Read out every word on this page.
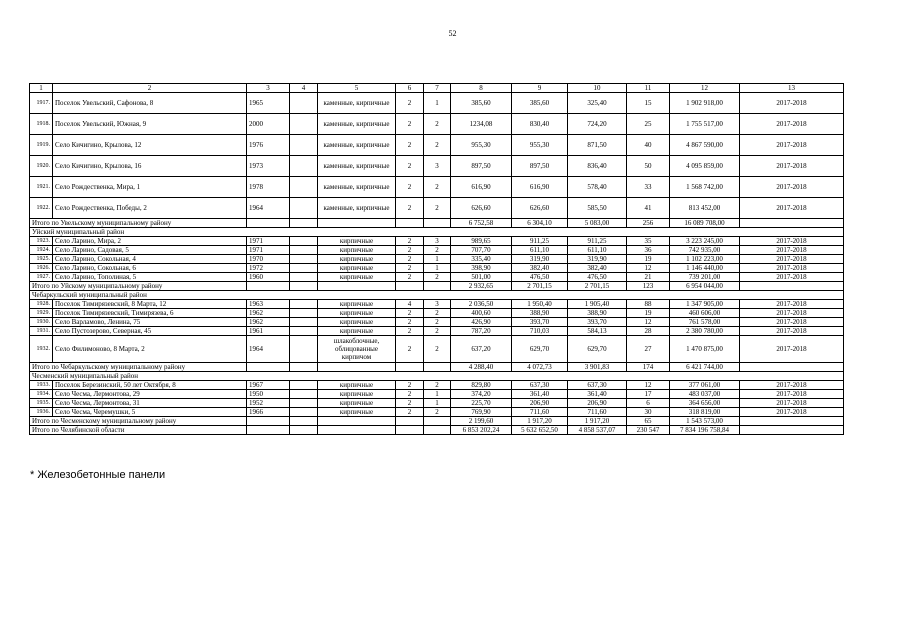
52
1	2	3	4	5	6	7	8	9	10	11	12	13
1917.	Поселок Увельский, Сафонова, 8	1965		каменные, кирпичные	2	1	385,60	385,60	325,40	15	1 902 918,00	2017-2018
1918.	Поселок Увельский, Южная, 9	2000		каменные, кирпичные	2	2	1234,08	830,40	724,20	25	1 755 517,00	2017-2018
1919.	Село Кичигино, Крылова, 12	1976		каменные, кирпичные	2	2	955,30	955,30	871,50	40	4 867 590,00	2017-2018
1920.	Село Кичигино, Крылова, 16	1973		каменные, кирпичные	2	3	897,50	897,50	836,40	50	4 095 859,00	2017-2018
1921.	Село Рождественка, Мира, 1	1978		каменные, кирпичные	2	2	616,90	616,90	578,40	33	1 568 742,00	2017-2018
1922.	Село Рождественка, Победы, 2	1964		каменные, кирпичные	2	2	626,60	626,60	585,50	41	813 452,00	2017-2018
Итого по Увельскому муниципальному району							6 752,58	6 304,10	5 083,00	256	16 089 708,00	
Уйский муниципальный район												
1923.	Село Ларино, Мира, 2	1971		кирпичные	2	3	989,65	911,25	911,25	35	3 223 245,00	2017-2018
1924.	Село Ларино, Садовая, 5	1971		кирпичные	2	2	707,70	611,10	611,10	36	742 935,00	2017-2018
1925.	Село Ларино, Сокольная, 4	1970		кирпичные	2	1	335,40	319,90	319,90	19	1 102 223,00	2017-2018
1926.	Село Ларино, Сокольная, 6	1972		кирпичные	2	1	398,90	382,40	382,40	12	1 146 440,00	2017-2018
1927.	Село Ларино, Тополиная, 5	1960		кирпичные	2	2	501,00	476,50	476,50	21	739 201,00	2017-2018
Итого по Уйскому муниципальному району							2 932,65	2 701,15	2 701,15	123	6 954 044,00	
Чебаркульский муниципальный район												
1928.	Поселок Тимирязевский, 8 Марта, 12	1963		кирпичные	4	3	2 036,50	1 950,40	1 905,40	88	1 347 905,00	2017-2018
1929.	Поселок Тимирязевский, Тимирязева, 6	1962		кирпичные	2	2	400,60	388,90	388,90	19	460 606,00	2017-2018
1930.	Село Варламово, Ленина, 75	1962		кирпичные	2	2	426,90	393,70	393,70	12	761 578,00	2017-2018
1931.	Село Пустозерово, Северная, 45	1961		кирпичные	2	2	787,20	710,03	584,13	28	2 380 780,00	2017-2018
1932.	Село Филимоново, 8 Марта, 2	1964		шлакоблочные, облицованные кирпичом	2	2	637,20	629,70	629,70	27	1 470 875,00	2017-2018
Итого по Чебаркульскому муниципальному району							4 288,40	4 072,73	3 901,83	174	6 421 744,00	
Чесменский муниципальный район												
1933.	Поселок Березинский, 50 лет Октября, 8	1967		кирпичные	2	2	829,80	637,30	637,30	12	377 061,00	2017-2018
1934.	Село Чесма, Лермонтова, 29	1950		кирпичные	2	1	374,20	361,40	361,40	17	483 037,00	2017-2018
1935.	Село Чесма, Лермонтова, 31	1952		кирпичные	2	1	225,70	206,90	206,90	6	364 656,00	2017-2018
1936.	Село Чесма, Черемушки, 5	1966		кирпичные	2	2	769,90	711,60	711,60	30	318 819,00	2017-2018
Итого по Чесменскому муниципальному району							2 199,60	1 917,20	1 917,20	65	1 543 573,00	
Итого по Челябинской области							6 853 202,24	5 632 652,50	4 858 537,07	230 547	7 834 196 758,84	
* Железобетонные панели
